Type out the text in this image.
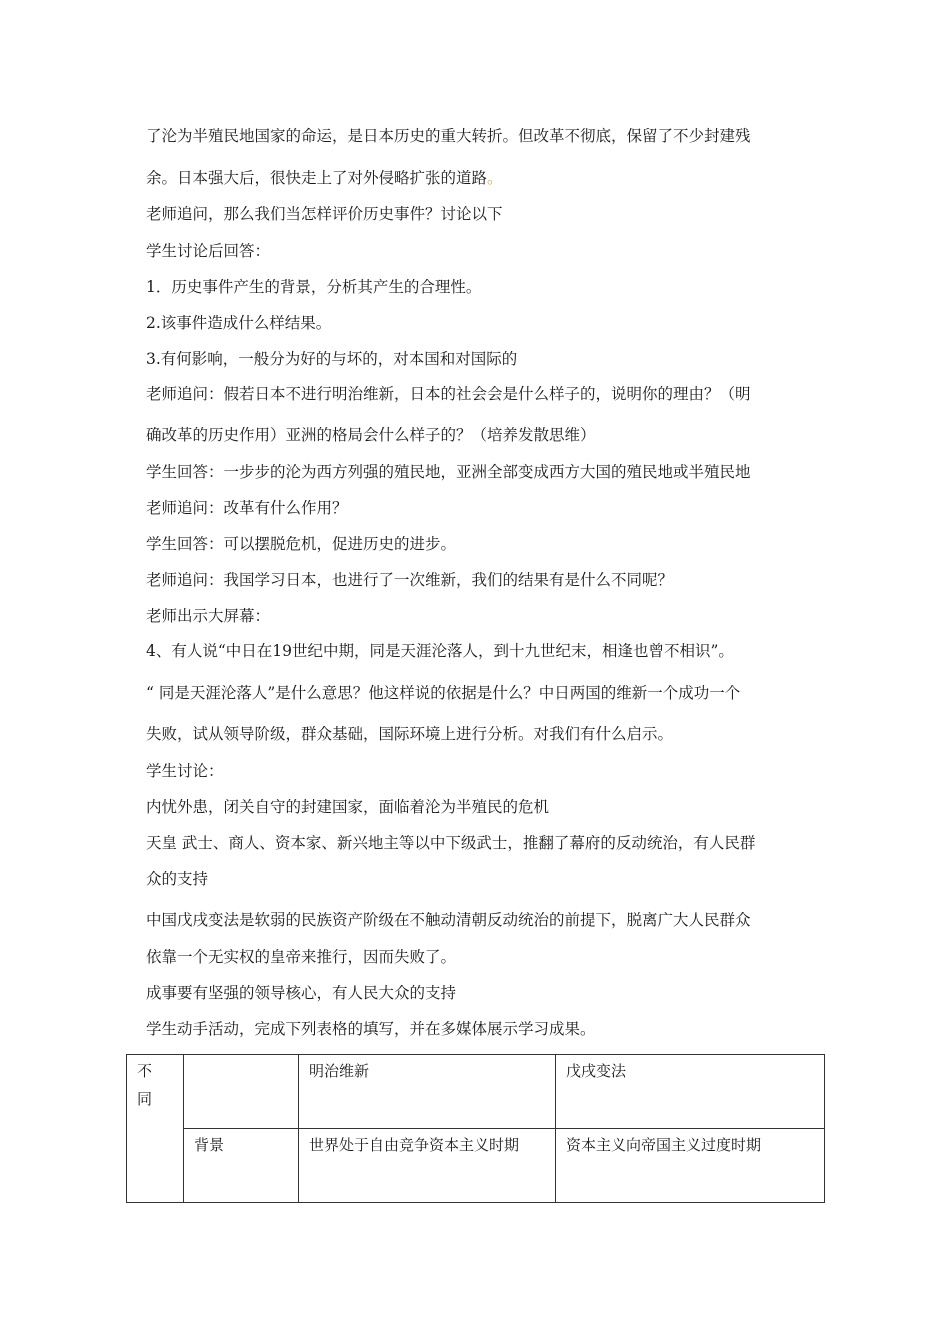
了沦为半殖民地国家的命运，是日本历史的重大转折。但改革不彻底，保留了不少封建残
余。日本强大后，很快走上了对外侵略扩张的道路。
老师追问，那么我们当怎样评价历史事件？讨论以下
学生讨论后回答：
1．历史事件产生的背景，分析其产生的合理性。
2.该事件造成什么样结果。
3.有何影响，一般分为好的与坏的，对本国和对国际的
老师追问：假若日本不进行明治维新，日本的社会会是什么样子的，说明你的理由？（明
确改革的历史作用）亚洲的格局会什么样子的？（培养发散思维）
学生回答：一步步的沦为西方列强的殖民地，亚洲全部变成西方大国的殖民地或半殖民地
老师追问：改革有什么作用？
学生回答：可以摆脱危机，促进历史的进步。
老师追问：我国学习日本，也进行了一次维新，我们的结果有是什么不同呢？
老师出示大屏幕：
4、有人说“中日在19世纪中期，同是天涯沦落人，到十九世纪末，相逢也曾不相识”。
“ 同是天涯沦落人”是什么意思？他这样说的依据是什么？中日两国的维新一个成功一个
失败，试从领导阶级，群众基础，国际环境上进行分析。对我们有什么启示。
学生讨论：
内忧外患，闭关自守的封建国家，面临着沦为半殖民的危机
天皇 武士、商人、资本家、新兴地主等以中下级武士，推翻了幕府的反动统治，有人民群
众的支持
中国戊戌变法是软弱的民族资产阶级在不触动清朝反动统治的前提下，脱离广大人民群众
依靠一个无实权的皇帝来推行，因而失败了。
成事要有坚强的领导核心，有人民大众的支持
学生动手活动，完成下列表格的填写，并在多媒体展示学习成果。
不
同		明治维新	戊戌变法
	背景	世界处于自由竞争资本主义时期	资本主义向帝国主义过度时期
